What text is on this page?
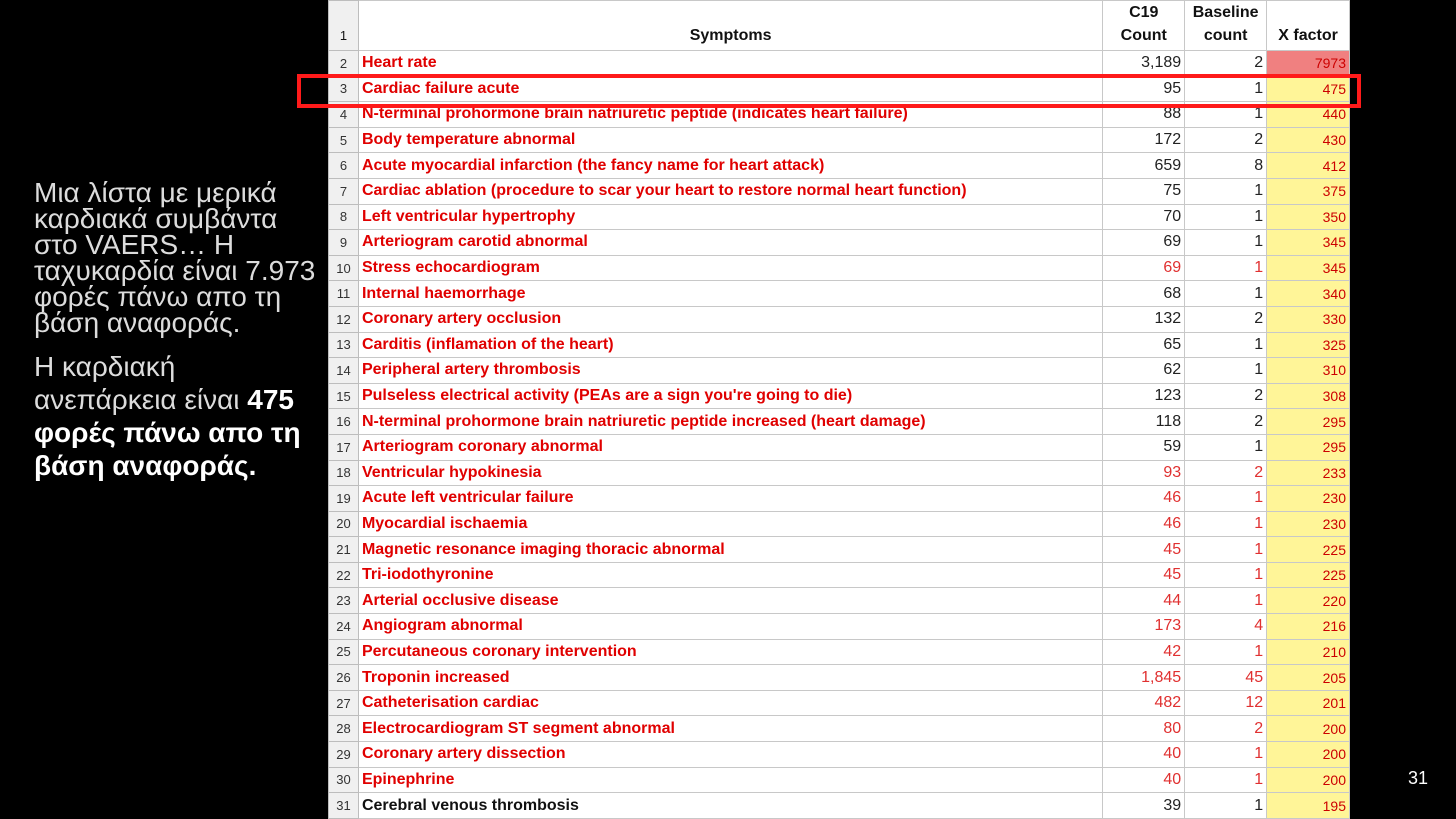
Μια λίστα με μερικά καρδιακά συμβάντα στο VAERS… Η ταχυκαρδία είναι 7.973 φορές πάνω απο τη βάση αναφοράς.

Η καρδιακή ανεπάρκεια είναι 475 φορές πάνω απο τη βάση αναφοράς.

1	Symptoms	C19 Count	Baseline count	X factor
2	Heart rate	3,189	2	7973
3	Cardiac failure acute	95	1	475
4	N-terminal prohormone brain natriuretic peptide (indicates heart failure)	88	1	440
5	Body temperature abnormal	172	2	430
6	Acute myocardial infarction (the fancy name for heart attack)	659	8	412
7	Cardiac ablation (procedure to scar your heart to restore normal heart function)	75	1	375
8	Left ventricular hypertrophy	70	1	350
9	Arteriogram carotid abnormal	69	1	345
10	Stress echocardiogram	69	1	345
11	Internal haemorrhage	68	1	340
12	Coronary artery occlusion	132	2	330
13	Carditis (inflamation of the heart)	65	1	325
14	Peripheral artery thrombosis	62	1	310
15	Pulseless electrical activity (PEAs are a sign you're going to die)	123	2	308
16	N-terminal prohormone brain natriuretic peptide increased (heart damage)	118	2	295
17	Arteriogram coronary abnormal	59	1	295
18	Ventricular hypokinesia	93	2	233
19	Acute left ventricular failure	46	1	230
20	Myocardial ischaemia	46	1	230
21	Magnetic resonance imaging thoracic abnormal	45	1	225
22	Tri-iodothyronine	45	1	225
23	Arterial occlusive disease	44	1	220
24	Angiogram abnormal	173	4	216
25	Percutaneous coronary intervention	42	1	210
26	Troponin increased	1,845	45	205
27	Catheterisation cardiac	482	12	201
28	Electrocardiogram ST segment abnormal	80	2	200
29	Coronary artery dissection	40	1	200
30	Epinephrine	40	1	200
31	Cerebral venous thrombosis	39	1	195
31
